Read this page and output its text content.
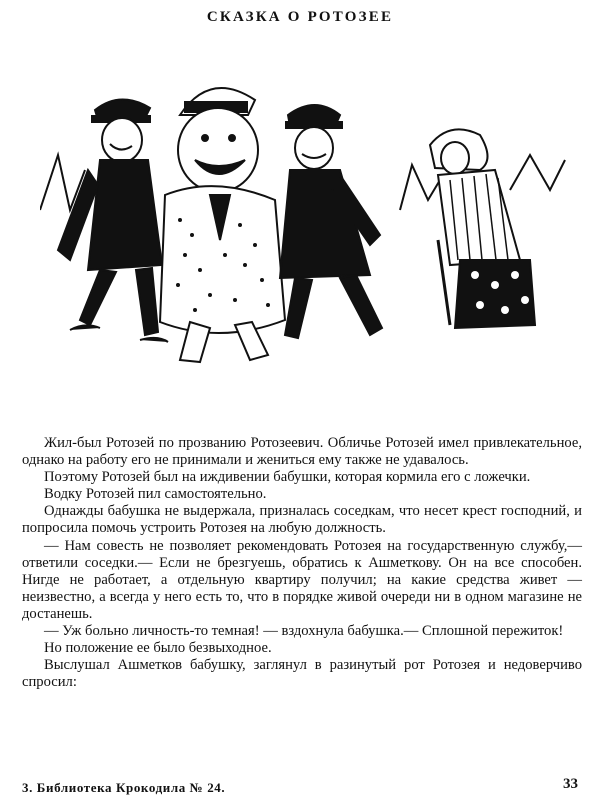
СКАЗКА О РОТОЗЕЕ

Жил-был Ротозей по прозванию Ротозеевич. Обличье Ротозей имел привлекательное, однако на работу его не принимали и жениться ему также не удавалось.

Поэтому Ротозей был на иждивении бабушки, которая кормила его с ложечки.

Водку Ротозей пил самостоятельно.

Однажды бабушка не выдержала, призналась соседкам, что несет крест господний, и попросила помочь устроить Ротозея на любую должность.

— Нам совесть не позволяет рекомендовать Ротозея на государственную службу,— ответили соседки.— Если не брезгуешь, обратись к Ашметкову. Он на все способен. Нигде не работает, а отдельную квартиру получил; на какие средства живет — неизвестно, а всегда у него есть то, что в порядке живой очереди ни в одном магазине не достанешь.

— Уж больно личность-то темная! — вздохнула бабушка.— Сплошной пережиток!

Но положение ее было безвыходное.

Выслушал Ашметков бабушку, заглянул в разинутый рот Ротозея и недоверчиво спросил:

3. Библиотека Крокодила № 24.	33
